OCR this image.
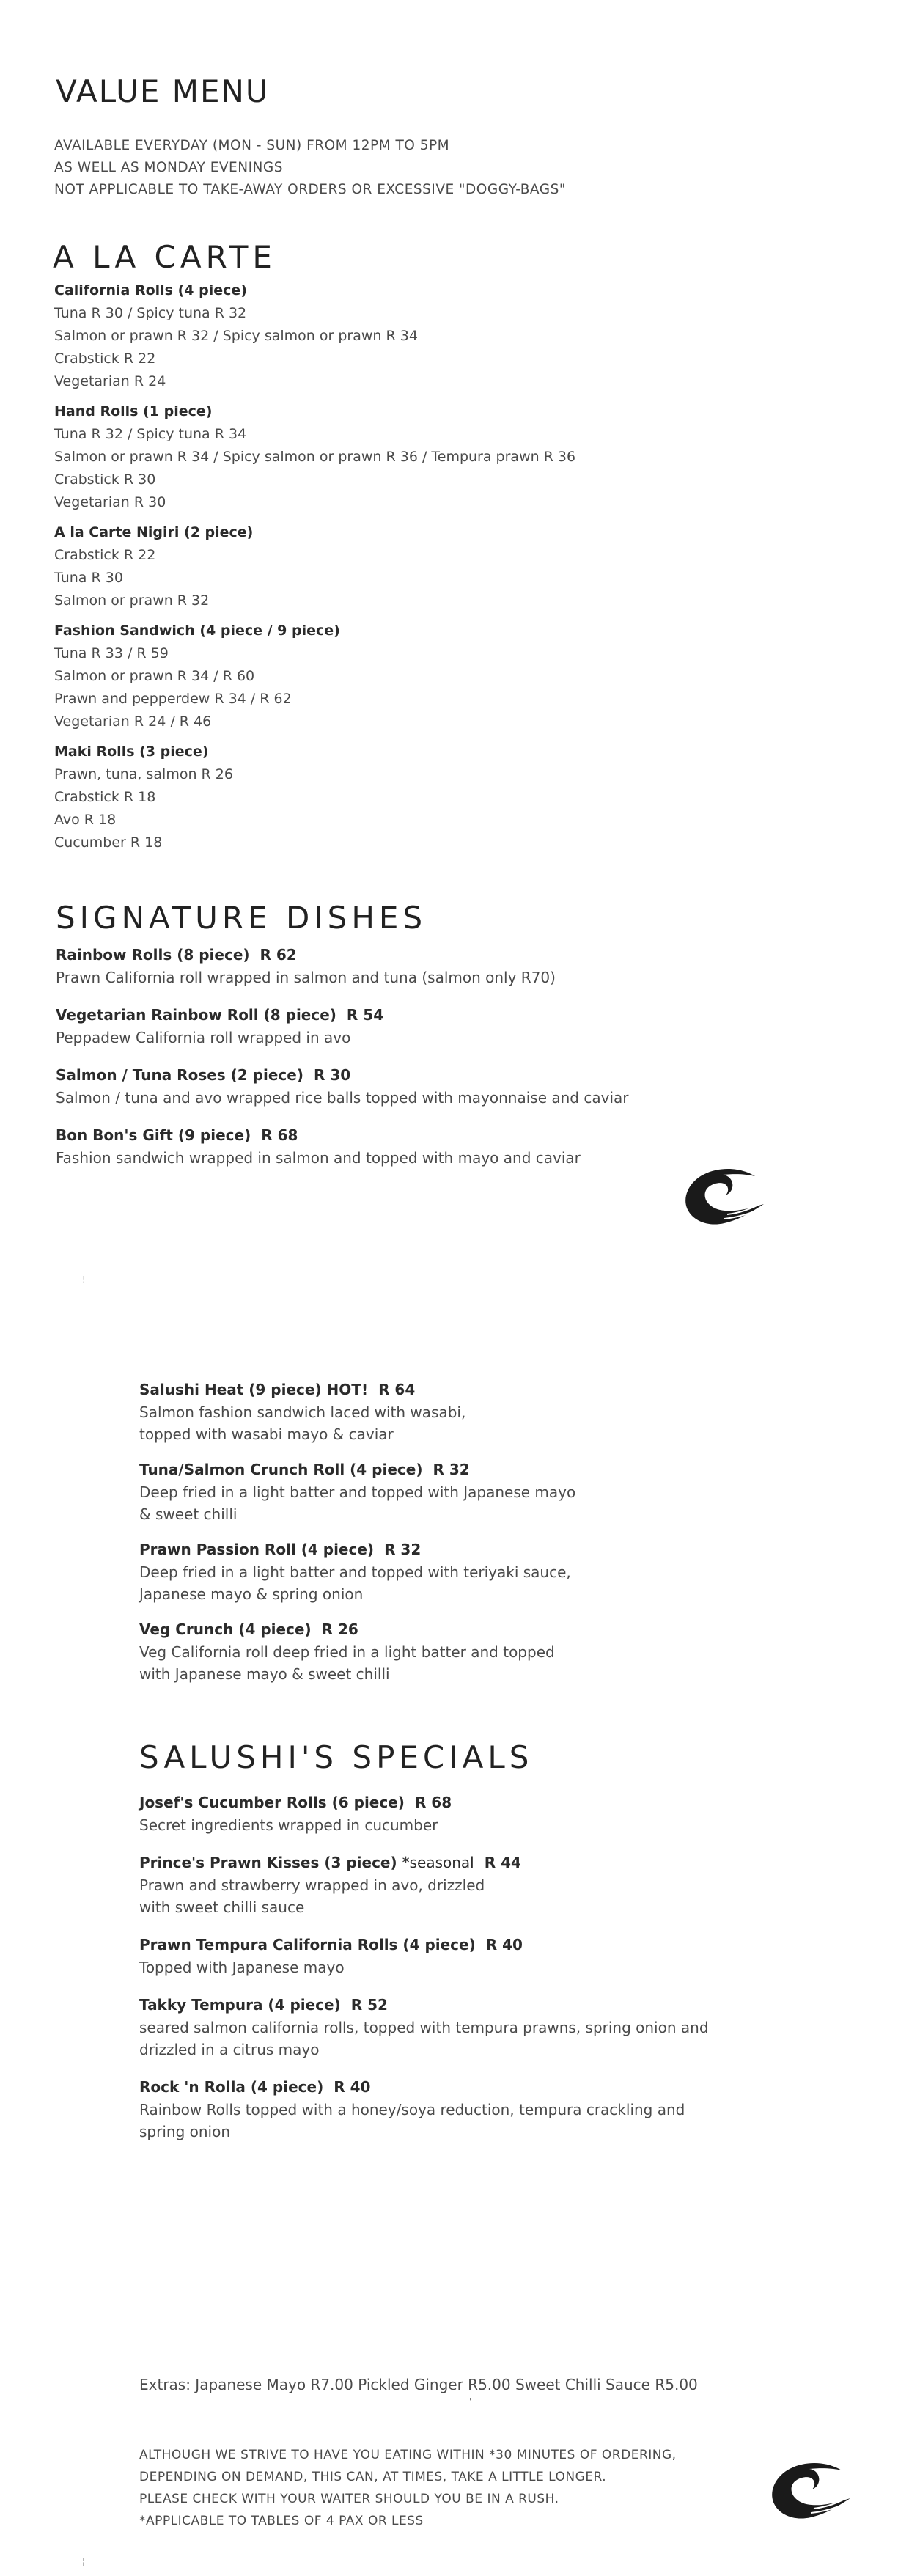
VALUE MENU
AVAILABLE EVERYDAY (MON - SUN) FROM 12PM TO 5PM
AS WELL AS MONDAY EVENINGS
NOT APPLICABLE TO TAKE-AWAY ORDERS OR EXCESSIVE "DOGGY-BAGS"
A LA CARTE
California Rolls (4 piece)
Tuna R 30 / Spicy tuna R 32
Salmon or prawn R 32 / Spicy salmon or prawn R 34
Crabstick R 22
Vegetarian R 24
Hand Rolls (1 piece)
Tuna R 32 / Spicy tuna R 34
Salmon or prawn R 34 / Spicy salmon or prawn R 36 / Tempura prawn R 36
Crabstick R 30
Vegetarian R 30
A la Carte Nigiri (2 piece)
Crabstick R 22
Tuna R 30
Salmon or prawn R 32
Fashion Sandwich (4 piece / 9 piece)
Tuna R 33 / R 59
Salmon or prawn R 34 / R 60
Prawn and pepperdew R 34 / R 62
Vegetarian R 24 / R 46
Maki Rolls (3 piece)
Prawn, tuna, salmon R 26
Crabstick R 18
Avo R 18
Cucumber R 18
SIGNATURE DISHES
Rainbow Rolls (8 piece) R 62
Prawn California roll wrapped in salmon and tuna (salmon only R70)
Vegetarian Rainbow Roll (8 piece) R 54
Peppadew California roll wrapped in avo
Salmon / Tuna Roses (2 piece) R 30
Salmon / tuna and avo wrapped rice balls topped with mayonnaise and caviar
Bon Bon's Gift (9 piece) R 68
Fashion sandwich wrapped in salmon and topped with mayo and caviar
!
Salushi Heat (9 piece) HOT! R 64
Salmon fashion sandwich laced with wasabi,
topped with wasabi mayo & caviar
Tuna/Salmon Crunch Roll (4 piece) R 32
Deep fried in a light batter and topped with Japanese mayo
& sweet chilli
Prawn Passion Roll (4 piece) R 32
Deep fried in a light batter and topped with teriyaki sauce,
Japanese mayo & spring onion
Veg Crunch (4 piece) R 26
Veg California roll deep fried in a light batter and topped
with Japanese mayo & sweet chilli
SALUSHI'S SPECIALS
Josef's Cucumber Rolls (6 piece) R 68
Secret ingredients wrapped in cucumber
Prince's Prawn Kisses (3 piece) *seasonal R 44
Prawn and strawberry wrapped in avo, drizzled
with sweet chilli sauce
Prawn Tempura California Rolls (4 piece) R 40
Topped with Japanese mayo
Takky Tempura (4 piece) R 52
seared salmon california rolls, topped with tempura prawns, spring onion and
drizzled in a citrus mayo
Rock 'n Rolla (4 piece) R 40
Rainbow Rolls topped with a honey/soya reduction, tempura crackling and
spring onion
Extras: Japanese Mayo R7.00 Pickled Ginger R5.00 Sweet Chilli Sauce R5.00
'
ALTHOUGH WE STRIVE TO HAVE YOU EATING WITHIN *30 MINUTES OF ORDERING,
DEPENDING ON DEMAND, THIS CAN, AT TIMES, TAKE A LITTLE LONGER.
PLEASE CHECK WITH YOUR WAITER SHOULD YOU BE IN A RUSH.
*APPLICABLE TO TABLES OF 4 PAX OR LESS
¦
